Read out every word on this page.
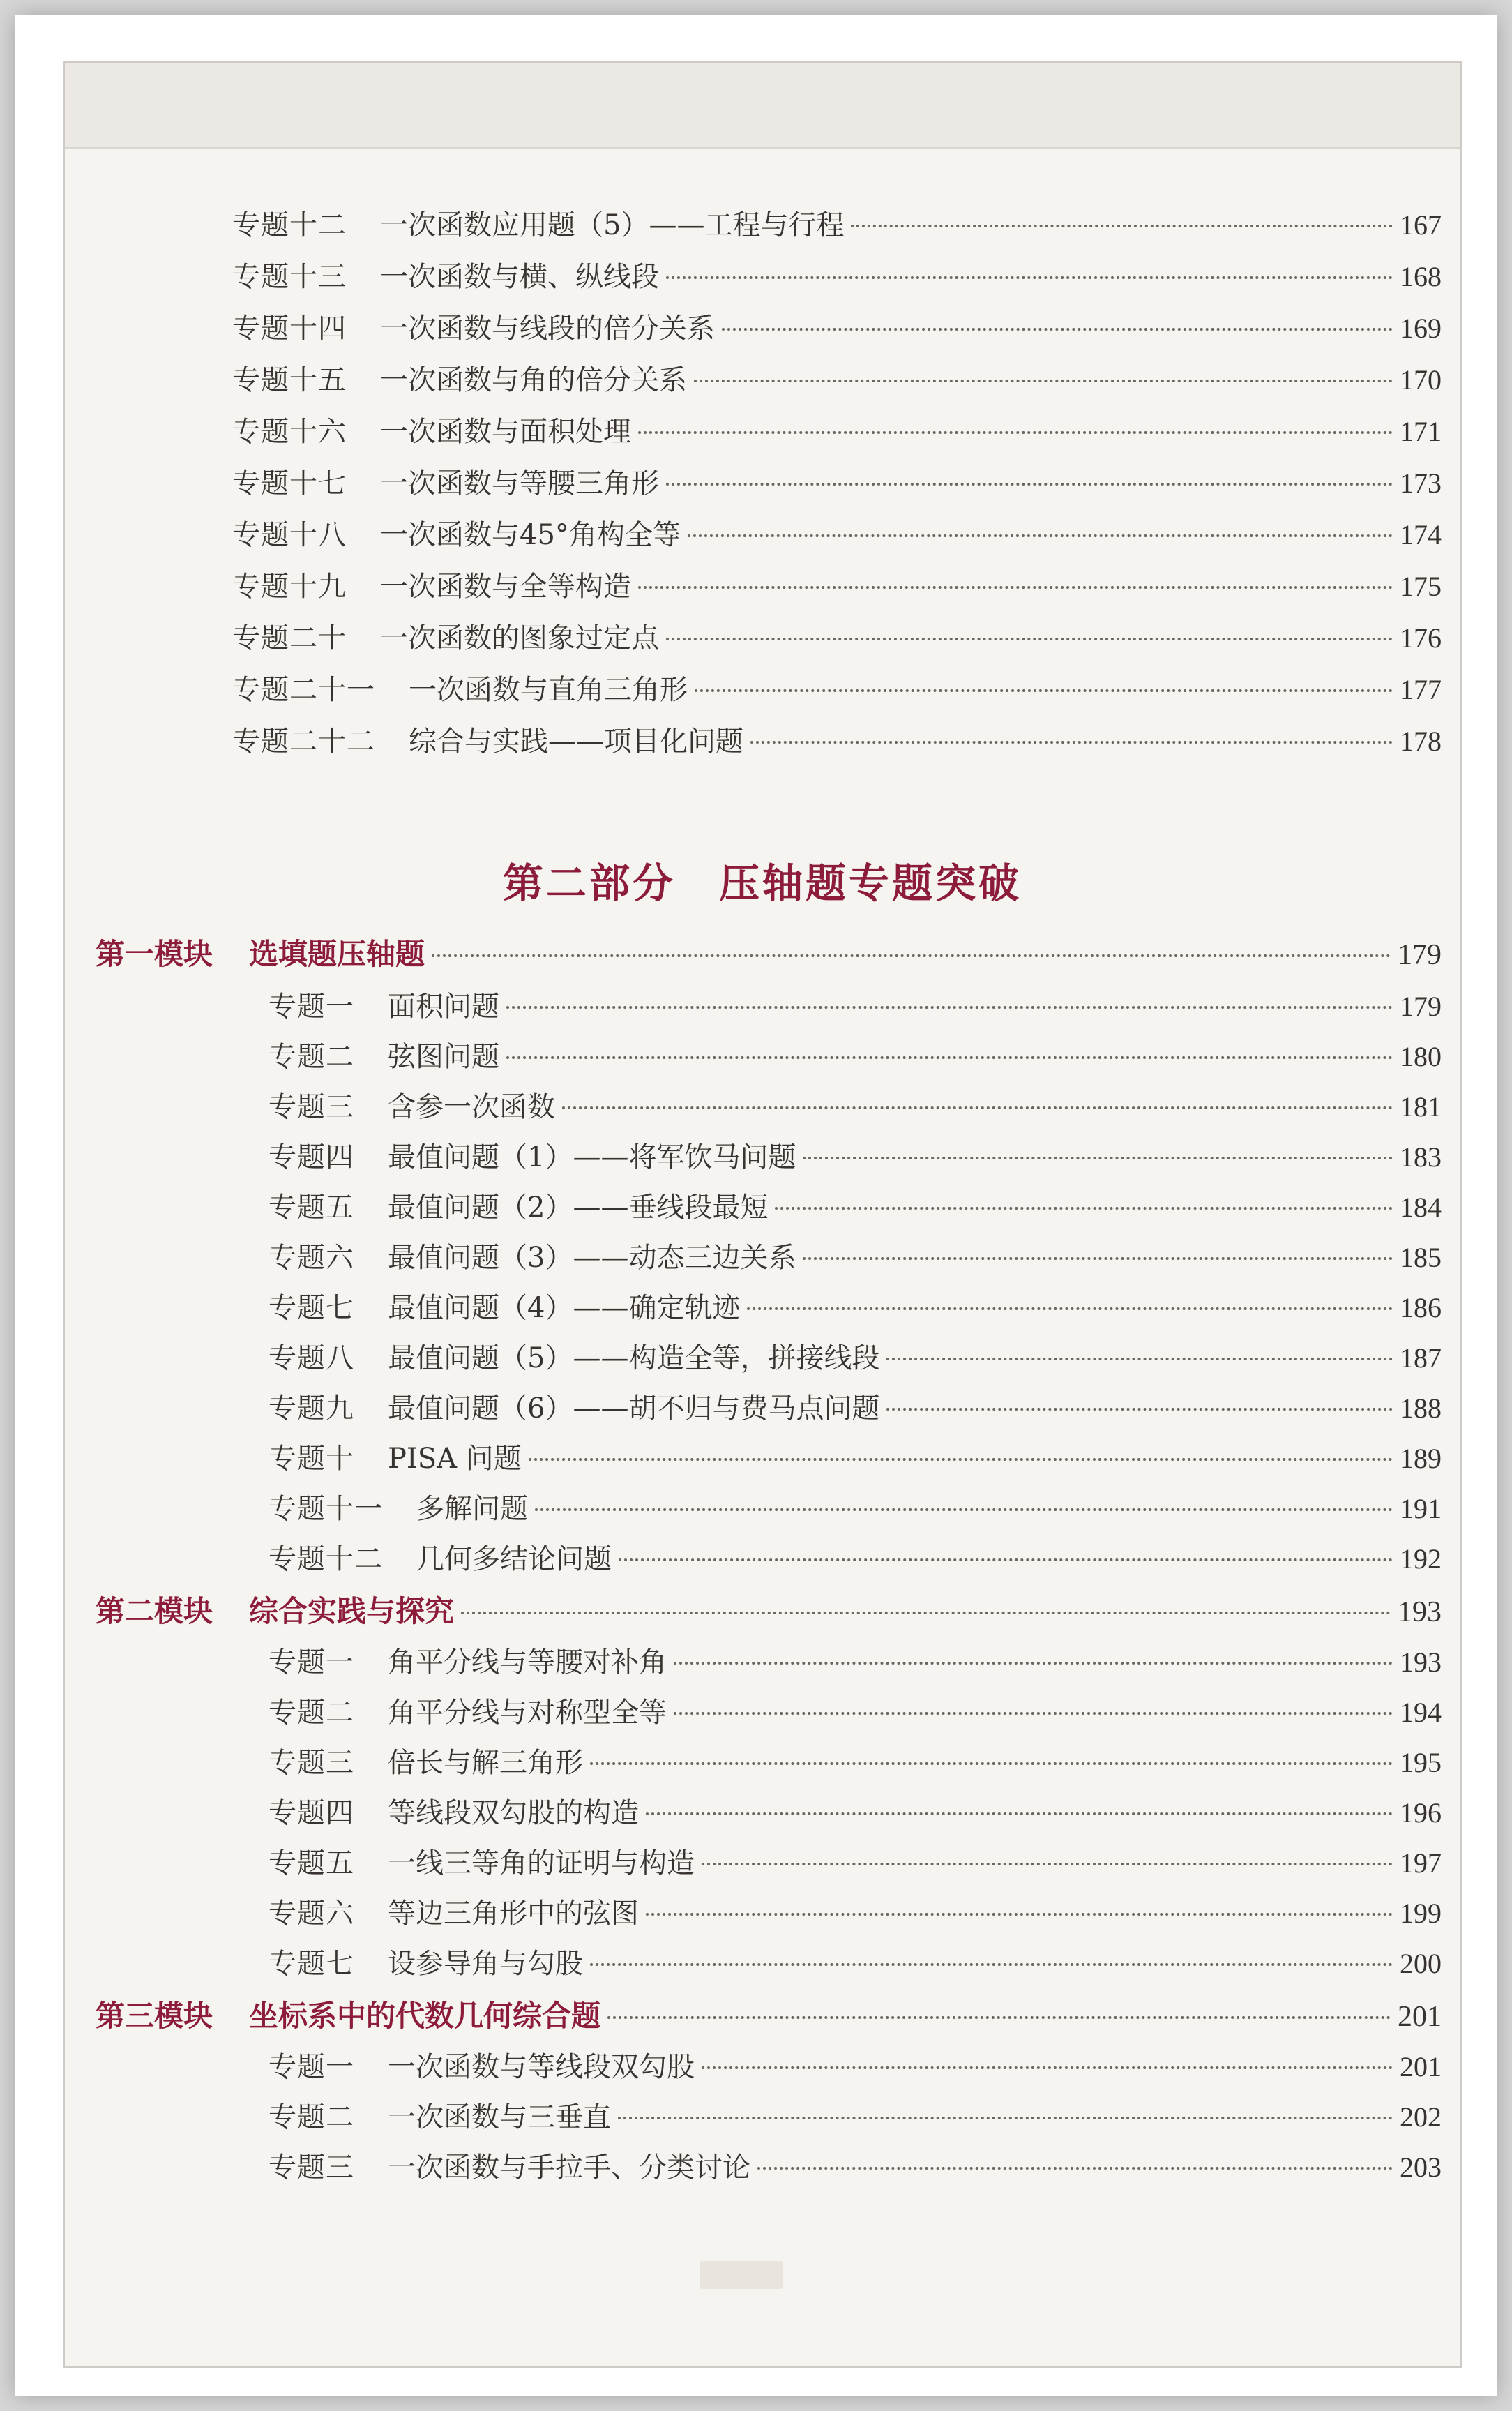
专题十二 一次函数应用题（5）——工程与行程	167
专题十三 一次函数与横、纵线段	168
专题十四 一次函数与线段的倍分关系	169
专题十五 一次函数与角的倍分关系	170
专题十六 一次函数与面积处理	171
专题十七 一次函数与等腰三角形	173
专题十八 一次函数与45°角构全等	174
专题十九 一次函数与全等构造	175
专题二十 一次函数的图象过定点	176
专题二十一 一次函数与直角三角形	177
专题二十二 综合与实践——项目化问题	178
第二部分　压轴题专题突破
第一模块 选填题压轴题	179
专题一 面积问题	179
专题二 弦图问题	180
专题三 含参一次函数	181
专题四 最值问题（1）——将军饮马问题	183
专题五 最值问题（2）——垂线段最短	184
专题六 最值问题（3）——动态三边关系	185
专题七 最值问题（4）——确定轨迹	186
专题八 最值问题（5）——构造全等，拼接线段	187
专题九 最值问题（6）——胡不归与费马点问题	188
专题十 PISA 问题	189
专题十一 多解问题	191
专题十二 几何多结论问题	192
第二模块 综合实践与探究	193
专题一 角平分线与等腰对补角	193
专题二 角平分线与对称型全等	194
专题三 倍长与解三角形	195
专题四 等线段双勾股的构造	196
专题五 一线三等角的证明与构造	197
专题六 等边三角形中的弦图	199
专题七 设参导角与勾股	200
第三模块 坐标系中的代数几何综合题	201
专题一 一次函数与等线段双勾股	201
专题二 一次函数与三垂直	202
专题三 一次函数与手拉手、分类讨论	203
